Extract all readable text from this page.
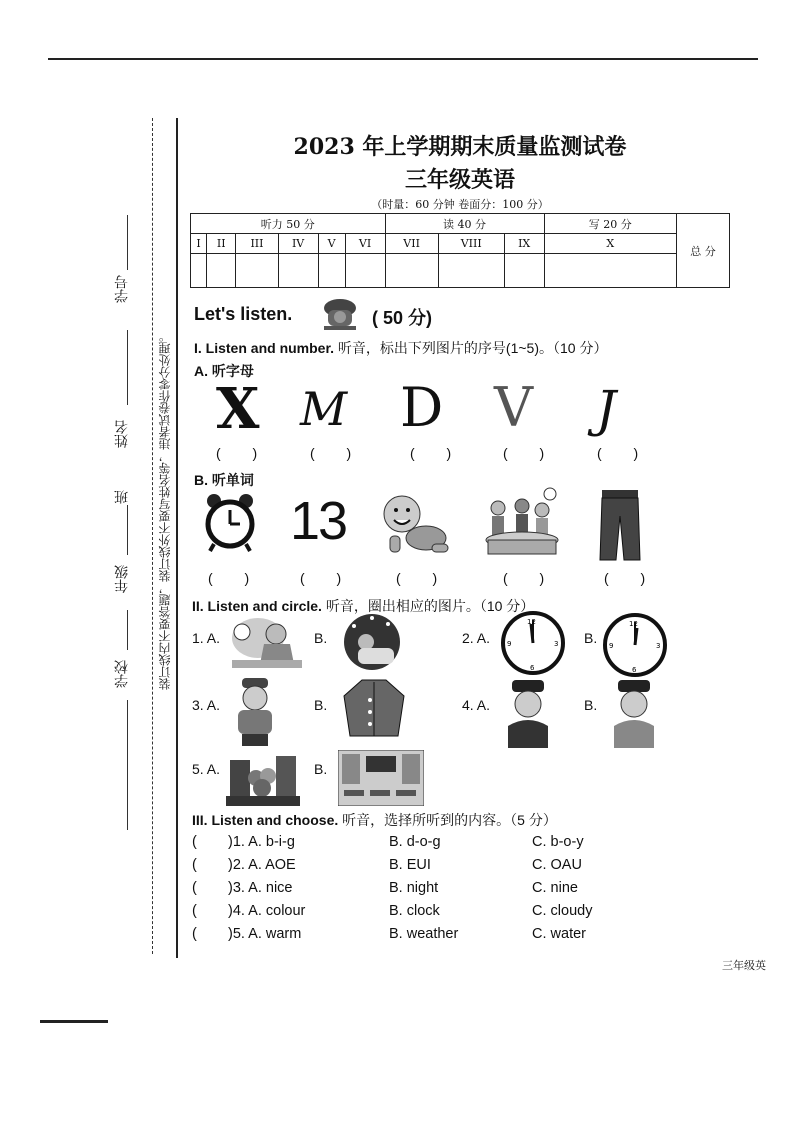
学校
年级
班
姓名
学号
装订线内不要答题，装订线外不要写姓名等，违者试卷作零分处理。
2023 年上学期期末质量监测试卷
三年级英语
（时量：60 分钟 卷面分：100 分）
听力 50 分						读 40 分			写 20 分	总 分
I	II	III	IV	V	VI	VII	VIII	IX	X	

Let's listen.	( 50 分)
I. Listen and number. 听音，标出下列图片的序号(1~5)。（10 分）
A. 听字母
X M D V J
( )	( )	( )	( )	( )
B. 听单词
13
( )	( )	( )	( )	( )
II. Listen and circle. 听音，圈出相应的图片。（10 分）
1. A.	B.	2. A.
12
6
3
9	B.
12
6
3
9
3. A.	B.	4. A.	B.
5. A.	B.
III. Listen and choose. 听音，选择所听到的内容。（5 分）
( )1. A. b-i-g	B. d-o-g	C. b-o-y
( )2. A. AOE	B. EUI	C. OAU
( )3. A. nice	B. night	C. nine
( )4. A. colour	B. clock	C. cloudy
( )5. A. warm	B. weather	C. water
三年级英
